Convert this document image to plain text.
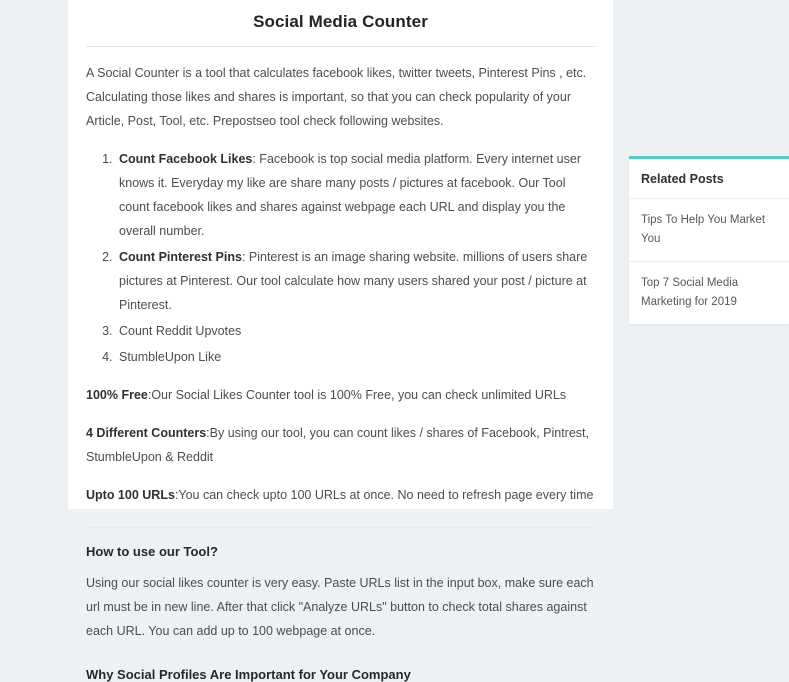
Social Media Counter

A Social Counter is a tool that calculates facebook likes, twitter tweets, Pinterest Pins , etc. Calculating those likes and shares is important, so that you can check popularity of your Article, Post, Tool, etc. Prepostseo tool check following websites.

1. Count Facebook Likes: Facebook is top social media platform. Every internet user knows it. Everyday my like are share many posts / pictures at facebook. Our Tool count facebook likes and shares against webpage each URL and display you the overall number.
2. Count Pinterest Pins: Pinterest is an image sharing website. millions of users share pictures at Pinterest. Our tool calculate how many users shared your post / picture at Pinterest.
3. Count Reddit Upvotes
4. StumbleUpon Like

100% Free:Our Social Likes Counter tool is 100% Free, you can check unlimited URLs

4 Different Counters:By using our tool, you can count likes / shares of Facebook, Pintrest, StumbleUpon & Reddit

Upto 100 URLs:You can check upto 100 URLs at once. No need to refresh page every time

How to use our Tool?

Using our social likes counter is very easy. Paste URLs list in the input box, make sure each url must be in new line. After that click "Analyze URLs" button to check total shares against each URL. You can add up to 100 webpage at once.

Why Social Profiles Are Important for Your Company
Related Posts
Tips To Help You Market You
Top 7 Social Media Marketing for 2019
